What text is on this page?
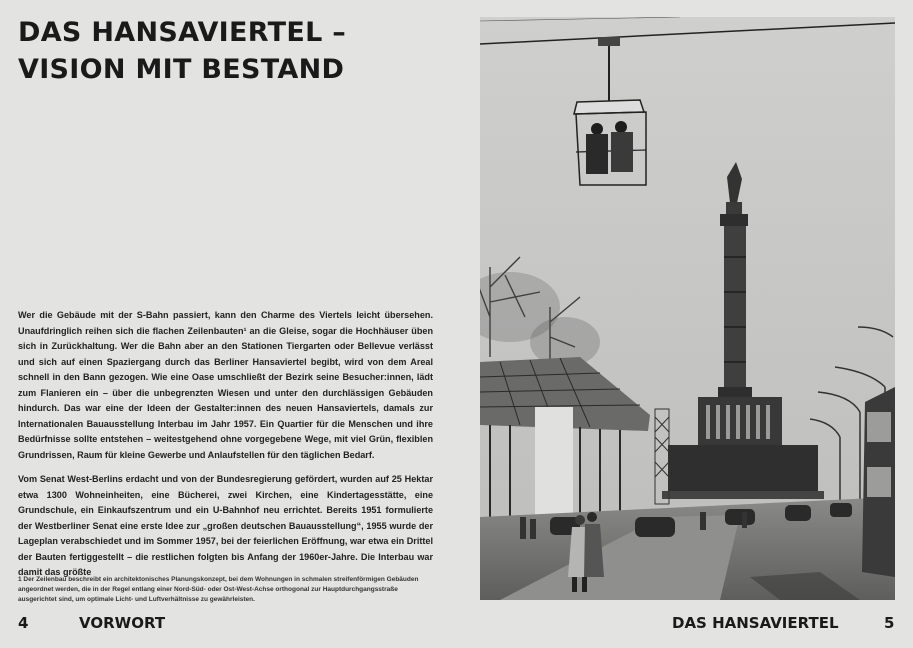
DAS HANSAVIERTEL –
VISION MIT BESTAND

Wer die Gebäude mit der S-Bahn passiert, kann den Charme des Viertels leicht übersehen. Unaufdringlich reihen sich die flachen Zeilenbauten¹ an die Gleise, sogar die Hochhäuser üben sich in Zurückhaltung. Wer die Bahn aber an den Stationen Tiergarten oder Bellevue verlässt und sich auf einen Spaziergang durch das Berliner Hansaviertel begibt, wird von dem Areal schnell in den Bann gezogen. Wie eine Oase umschließt der Bezirk seine Besucher:innen, lädt zum Flanieren ein – über die unbegrenzten Wiesen und unter den durchlässigen Gebäuden hindurch. Das war eine der Ideen der Gestalter:innen des neuen Hansaviertels, damals zur Internationalen Bauausstellung Interbau im Jahr 1957. Ein Quartier für die Menschen und ihre Bedürfnisse sollte entstehen – weitestgehend ohne vorgegebene Wege, mit viel Grün, flexiblen Grundrissen, Raum für kleine Gewerbe und Anlaufstellen für den täglichen Bedarf.

Vom Senat West-Berlins erdacht und von der Bundesregierung gefördert, wurden auf 25 Hektar etwa 1300 Wohneinheiten, eine Bücherei, zwei Kirchen, eine Kindertagesstätte, eine Grundschule, ein Einkaufszentrum und ein U-Bahnhof neu errichtet. Bereits 1951 formulierte der Westberliner Senat eine erste Idee zur „großen deutschen Bauausstellung“, 1955 wurde der Lageplan verabschiedet und im Sommer 1957, bei der feierlichen Eröffnung, war etwa ein Drittel der Bauten fertiggestellt – die restlichen folgten bis Anfang der 1960er-Jahre. Die Interbau war damit das größte

1 Der Zeilenbau beschreibt ein architektonisches Planungskonzept, bei dem Wohnungen in schmalen streifenförmigen Gebäuden angeordnet werden, die in der Regel entlang einer Nord-Süd- oder Ost-West-Achse orthogonal zur Hauptdurchgangsstraße ausgerichtet sind, um optimale Licht- und Luftverhältnisse zu gewährleisten.
4	VORWORT	DAS HANSAVIERTEL	5
